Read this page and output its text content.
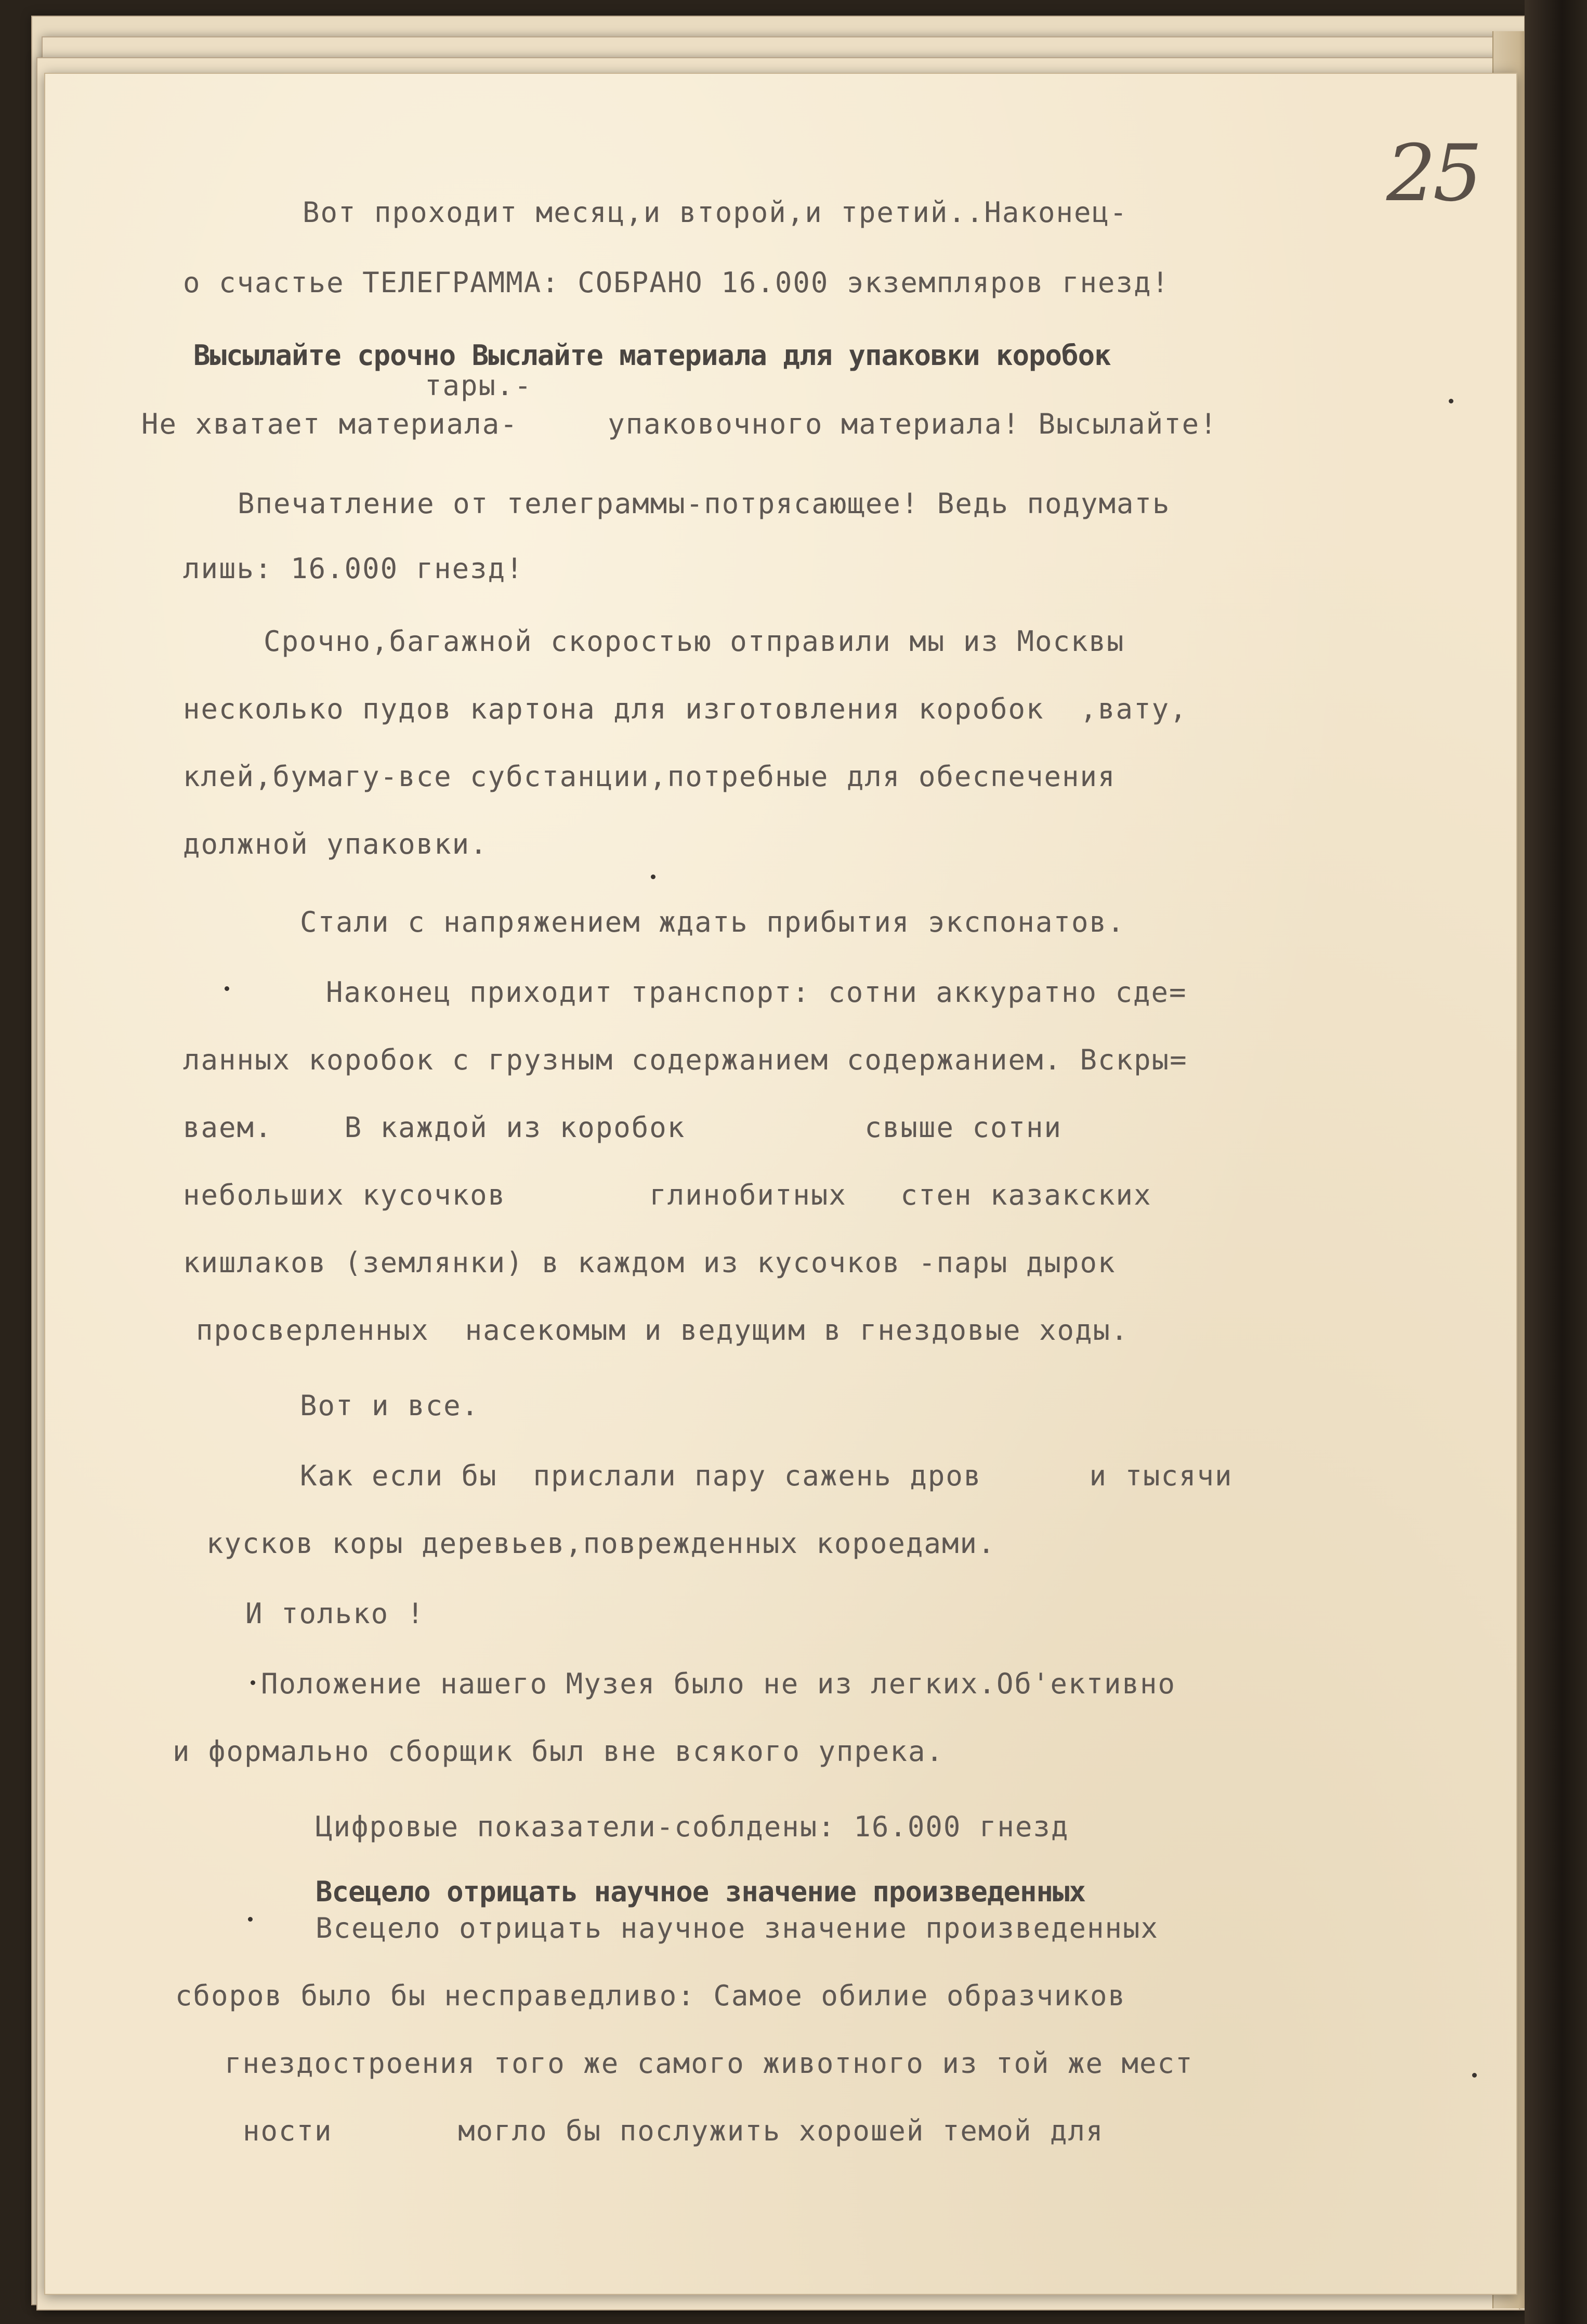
25
Вот проходит месяц,и второй,и третий..Наконец-
о счастье ТЕЛЕГРАММА: СОБРАНО 16.000 экземпляров гнезд!
Высылайте срочно Выслайте материала для упаковки коробок
тары.-
Не хватает материала-     упаковочного материала! Высылайте!
Впечатление от телеграммы-потрясающее! Ведь подумать
лишь: 16.000 гнезд!
Срочно,багажной скоростью отправили мы из Москвы
несколько пудов картона для изготовления коробок  ,вату,
клей,бумагу-все субстанции,потребные для обеспечения
должной упаковки.
Стали с напряжением ждать прибытия экспонатов.
Наконец приходит транспорт: сотни аккуратно сде=
ланных коробок с грузным содержанием содержанием. Вскры=
ваем.    В каждой из коробок          свыше сотни
небольших кусочков        глинобитных   стен казакских
кишлаков (землянки) в каждом из кусочков -пары дырок
просверленных  насекомым и ведущим в гнездовые ходы.
Вот и все.
Как если бы  прислали пару сажень дров      и тысячи
кусков коры деревьев,поврежденных короедами.
И только !
Положение нашего Музея было не из легких.Об'ективно
и формально сборщик был вне всякого упрека.
Цифровые показатели-соблдены: 16.000 гнезд
Всецело отрицать научное значение произведенных
Всецело отрицать научное значение произведенных
сборов было бы несправедливо: Самое обилие образчиков
гнездостроения того же самого животного из той же мест
ности       могло бы послужить хорошей темой для
